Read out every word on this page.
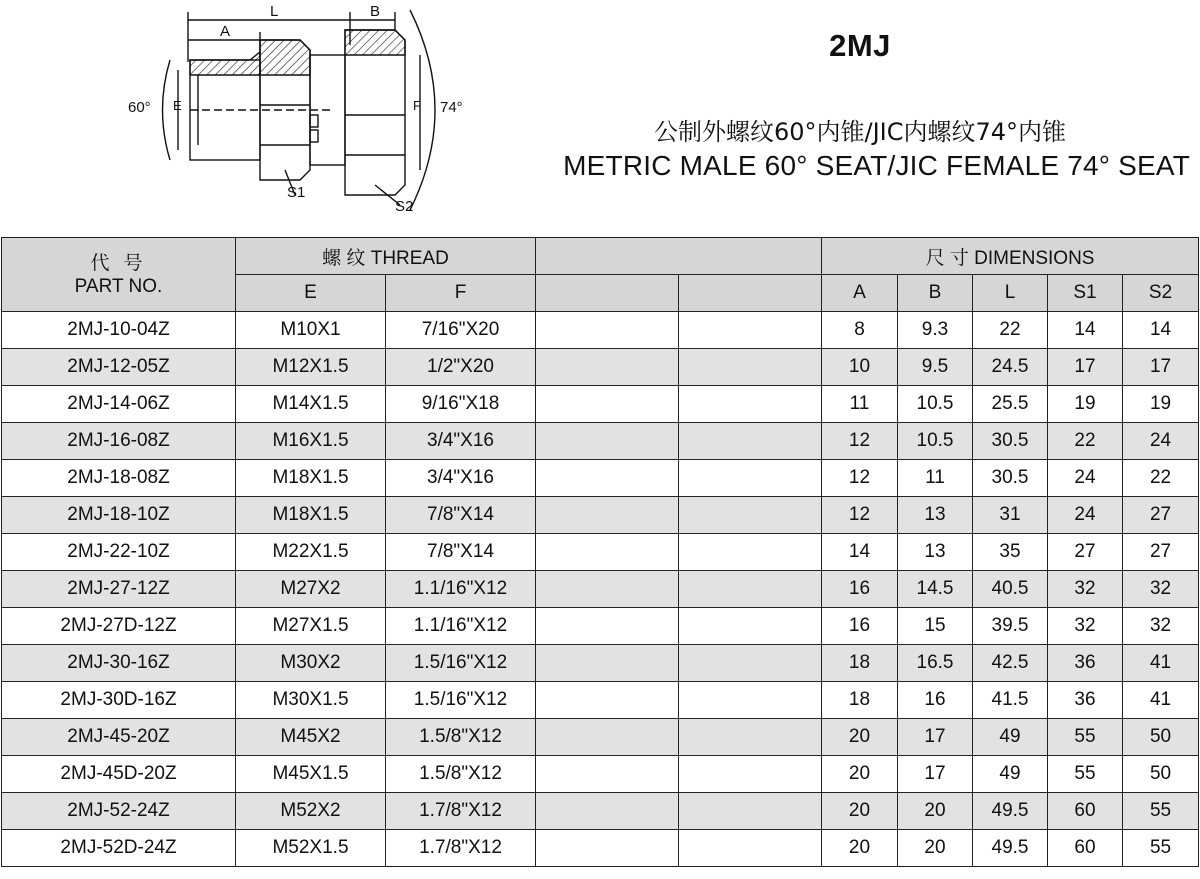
L
A
B
60°	74°
E	F
S1
S2
2MJ
公制外螺纹60°内锥/JIC内螺纹74°内锥
METRIC MALE 60° SEAT/JIC FEMALE 74° SEAT
代 号
PART NO.	螺 纹 THREAD				尺 寸 DIMENSIONS				
	E	F			A	B	L	S1	S2
2MJ-10-04Z	M10X1	7/16"X20			8	9.3	22	14	14
2MJ-12-05Z	M12X1.5	1/2"X20			10	9.5	24.5	17	17
2MJ-14-06Z	M14X1.5	9/16"X18			11	10.5	25.5	19	19
2MJ-16-08Z	M16X1.5	3/4"X16			12	10.5	30.5	22	24
2MJ-18-08Z	M18X1.5	3/4"X16			12	11	30.5	24	22
2MJ-18-10Z	M18X1.5	7/8"X14			12	13	31	24	27
2MJ-22-10Z	M22X1.5	7/8"X14			14	13	35	27	27
2MJ-27-12Z	M27X2	1.1/16"X12			16	14.5	40.5	32	32
2MJ-27D-12Z	M27X1.5	1.1/16"X12			16	15	39.5	32	32
2MJ-30-16Z	M30X2	1.5/16"X12			18	16.5	42.5	36	41
2MJ-30D-16Z	M30X1.5	1.5/16"X12			18	16	41.5	36	41
2MJ-45-20Z	M45X2	1.5/8"X12			20	17	49	55	50
2MJ-45D-20Z	M45X1.5	1.5/8"X12			20	17	49	55	50
2MJ-52-24Z	M52X2	1.7/8"X12			20	20	49.5	60	55
2MJ-52D-24Z	M52X1.5	1.7/8"X12			20	20	49.5	60	55
